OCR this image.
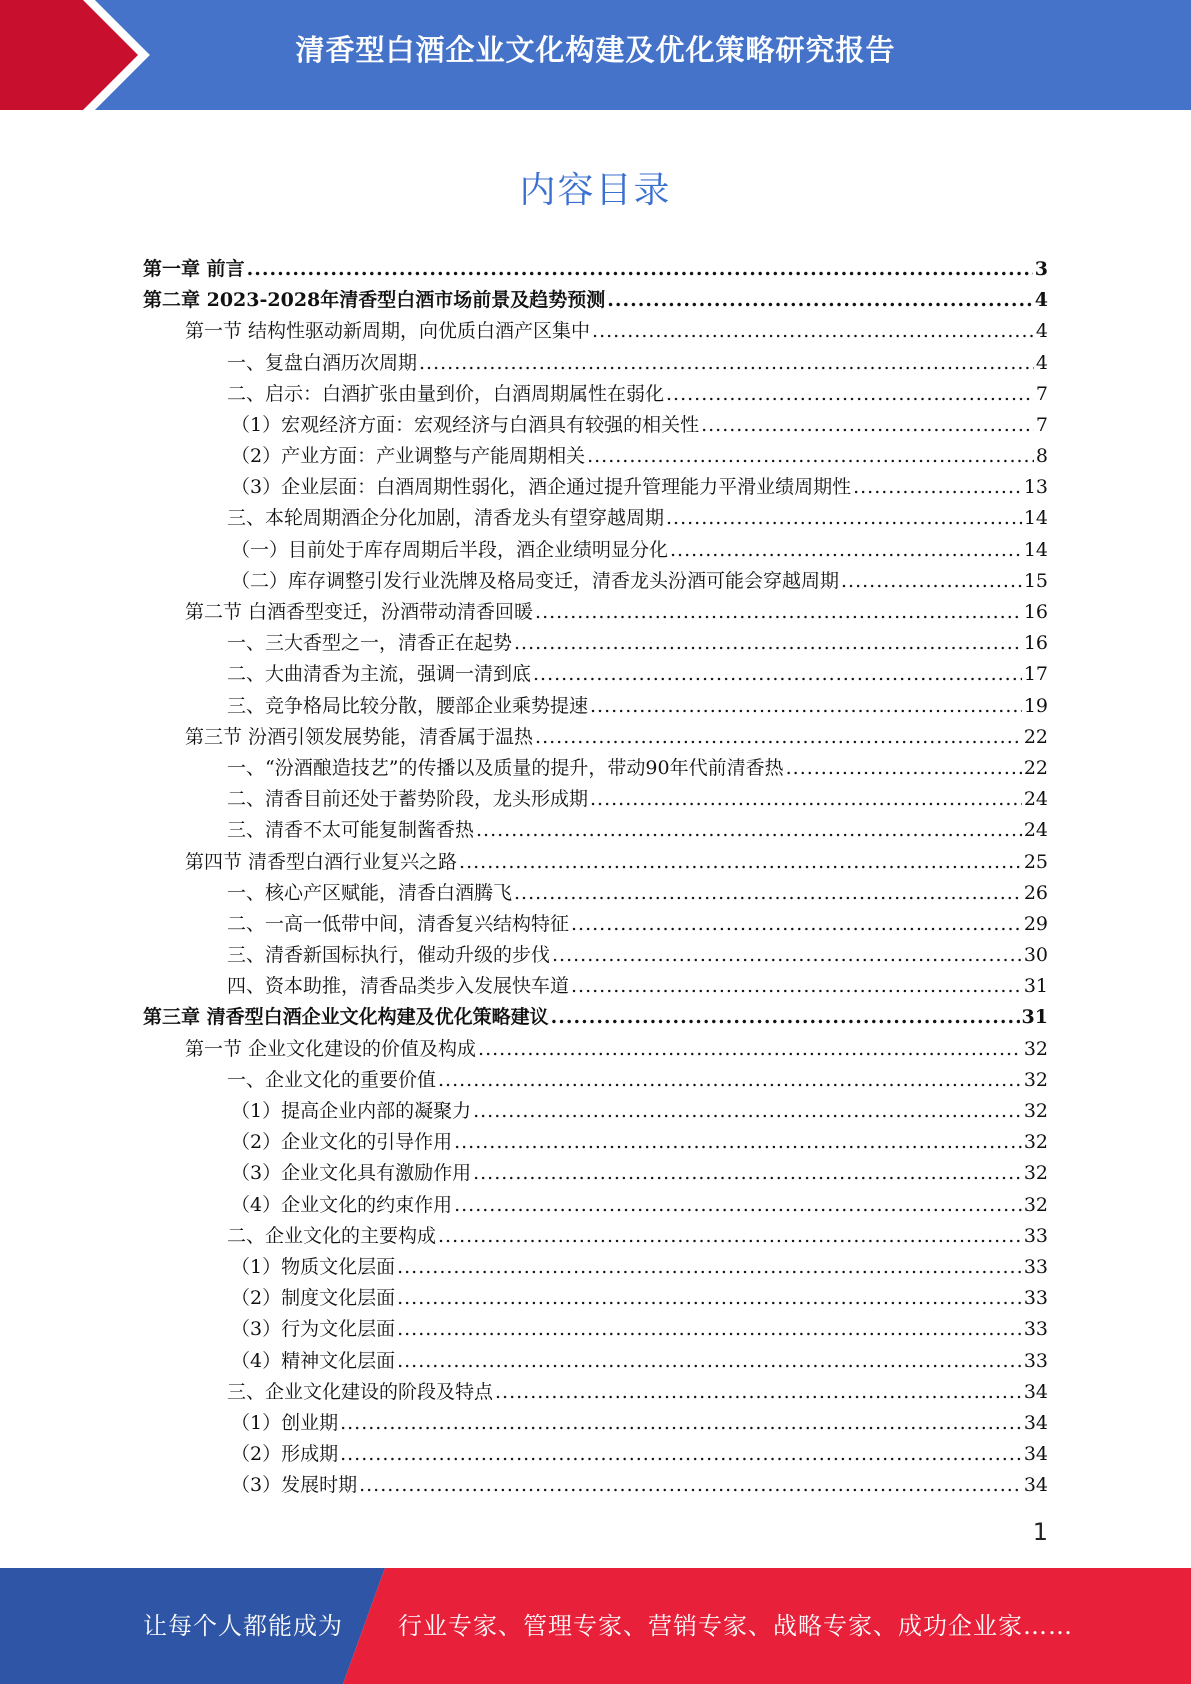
清香型白酒企业文化构建及优化策略研究报告
内容目录
第一章 前言 .....	3
第二章 2023-2028年清香型白酒市场前景及趋势预测 .....	4
第一节 结构性驱动新周期，向优质白酒产区集中 .....	4
一、复盘白酒历次周期 .....	4
二、启示：白酒扩张由量到价，白酒周期属性在弱化 .....	7
（1）宏观经济方面：宏观经济与白酒具有较强的相关性 .....	7
（2）产业方面：产业调整与产能周期相关 .....	8
（3）企业层面：白酒周期性弱化，酒企通过提升管理能力平滑业绩周期性 .....	13
三、本轮周期酒企分化加剧，清香龙头有望穿越周期 .....	14
（一）目前处于库存周期后半段，酒企业绩明显分化 .....	14
（二）库存调整引发行业洗牌及格局变迁，清香龙头汾酒可能会穿越周期 .....	15
第二节 白酒香型变迁，汾酒带动清香回暖 .....	16
一、三大香型之一，清香正在起势 .....	16
二、大曲清香为主流，强调一清到底 .....	17
三、竞争格局比较分散，腰部企业乘势提速 .....	19
第三节 汾酒引领发展势能，清香属于温热 .....	22
一、“汾酒酿造技艺”的传播以及质量的提升，带动90年代前清香热 .....	22
二、清香目前还处于蓄势阶段，龙头形成期 .....	24
三、清香不太可能复制酱香热 .....	24
第四节 清香型白酒行业复兴之路 .....	25
一、核心产区赋能，清香白酒腾飞 .....	26
二、一高一低带中间，清香复兴结构特征 .....	29
三、清香新国标执行，催动升级的步伐 .....	30
四、资本助推，清香品类步入发展快车道 .....	31
第三章 清香型白酒企业文化构建及优化策略建议 .....	31
第一节 企业文化建设的价值及构成 .....	32
一、企业文化的重要价值 .....	32
（1）提高企业内部的凝聚力 .....	32
（2）企业文化的引导作用 .....	32
（3）企业文化具有激励作用 .....	32
（4）企业文化的约束作用 .....	32
二、企业文化的主要构成 .....	33
（1）物质文化层面 .....	33
（2）制度文化层面 .....	33
（3）行为文化层面 .....	33
（4）精神文化层面 .....	33
三、企业文化建设的阶段及特点 .....	34
（1）创业期 .....	34
（2）形成期 .....	34
（3）发展时期 .....	34
1
让每个人都能成为 行业专家、管理专家、营销专家、战略专家、成功企业家……
